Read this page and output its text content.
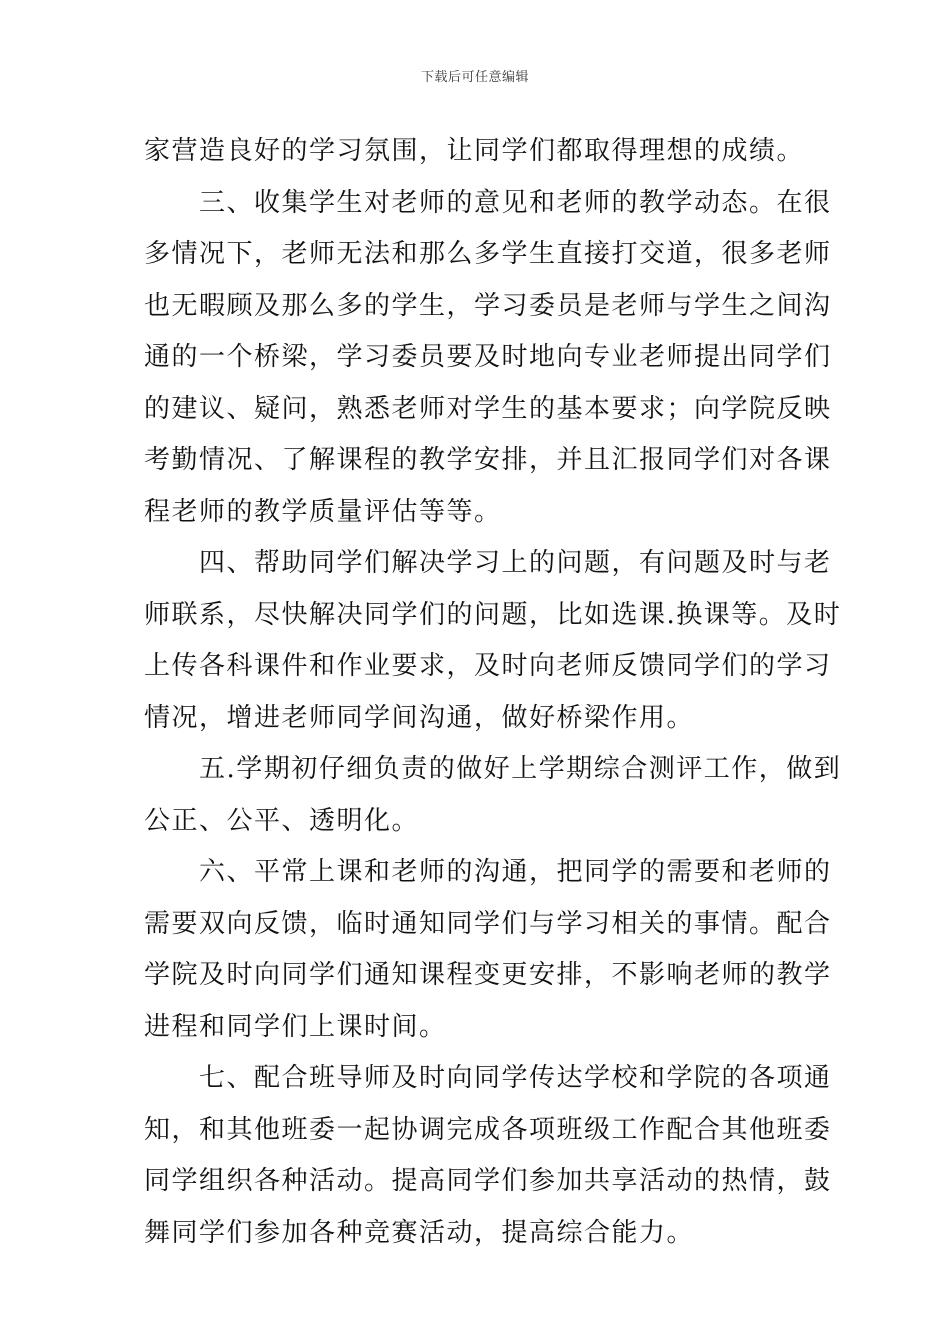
下载后可任意编辑
家营造良好的学习氛围，让同学们都取得理想的成绩。
三、收集学生对老师的意见和老师的教学动态。在很
多情况下，老师无法和那么多学生直接打交道，很多老师
也无暇顾及那么多的学生，学习委员是老师与学生之间沟
通的一个桥梁，学习委员要及时地向专业老师提出同学们
的建议、疑问，熟悉老师对学生的基本要求；向学院反映
考勤情况、了解课程的教学安排，并且汇报同学们对各课
程老师的教学质量评估等等。
四、帮助同学们解决学习上的问题，有问题及时与老
师联系，尽快解决同学们的问题，比如选课.换课等。及时
上传各科课件和作业要求，及时向老师反馈同学们的学习
情况，增进老师同学间沟通，做好桥梁作用。
五.学期初仔细负责的做好上学期综合测评工作，做到
公正、公平、透明化。
六、平常上课和老师的沟通，把同学的需要和老师的
需要双向反馈，临时通知同学们与学习相关的事情。配合
学院及时向同学们通知课程变更安排，不影响老师的教学
进程和同学们上课时间。
七、配合班导师及时向同学传达学校和学院的各项通
知，和其他班委一起协调完成各项班级工作配合其他班委
同学组织各种活动。提高同学们参加共享活动的热情，鼓
舞同学们参加各种竞赛活动，提高综合能力。
